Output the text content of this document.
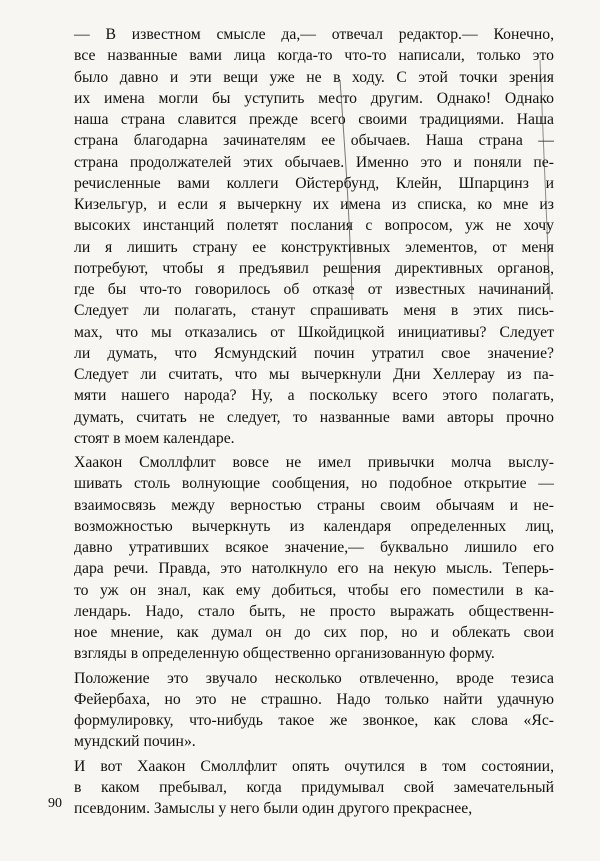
— В известном смысле да,— отвечал редактор.— Конечно,
все названные вами лица когда-то что-то написали, только это
было давно и эти вещи уже не в ходу. С этой точки зрения
их имена могли бы уступить место другим. Однако! Однако
наша страна славится прежде всего своими традициями. Наша
страна благодарна зачинателям ее обычаев. Наша страна —
страна продолжателей этих обычаев. Именно это и поняли пе-
речисленные вами коллеги Ойстербунд, Клейн, Шпарцинз и
Кизельгур, и если я вычеркну их имена из списка, ко мне из
высоких инстанций полетят послания с вопросом, уж не хочу
ли я лишить страну ее конструктивных элементов, от меня
потребуют, чтобы я предъявил решения директивных органов,
где бы что-то говорилось об отказе от известных начинаний.
Следует ли полагать, станут спрашивать меня в этих пись-
мах, что мы отказались от Шкойдицкой инициативы? Следует
ли думать, что Ясмундский почин утратил свое значение?
Следует ли считать, что мы вычеркнули Дни Хеллерау из па-
мяти нашего народа? Ну, а поскольку всего этого полагать,
думать, считать не следует, то названные вами авторы прочно
стоят в моем календаре.

Хаакон Смоллфлит вовсе не имел привычки молча выслу-
шивать столь волнующие сообщения, но подобное открытие —
взаимосвязь между верностью страны своим обычаям и не-
возможностью вычеркнуть из календаря определенных лиц,
давно утративших всякое значение,— буквально лишило его
дара речи. Правда, это натолкнуло его на некую мысль. Теперь-
то уж он знал, как ему добиться, чтобы его поместили в ка-
лендарь. Надо, стало быть, не просто выражать общественн-
ное мнение, как думал он до сих пор, но и облекать свои
взгляды в определенную общественно организованную форму.

Положение это звучало несколько отвлеченно, вроде тезиса
Фейербаха, но это не страшно. Надо только найти удачную
формулировку, что-нибудь такое же звонкое, как слова «Яс-
мундский почин».

И вот Хаакон Смоллфлит опять очутился в том состоянии,
в каком пребывал, когда придумывал свой замечательный
псевдоним. Замыслы у него были один другого прекраснее,

90
